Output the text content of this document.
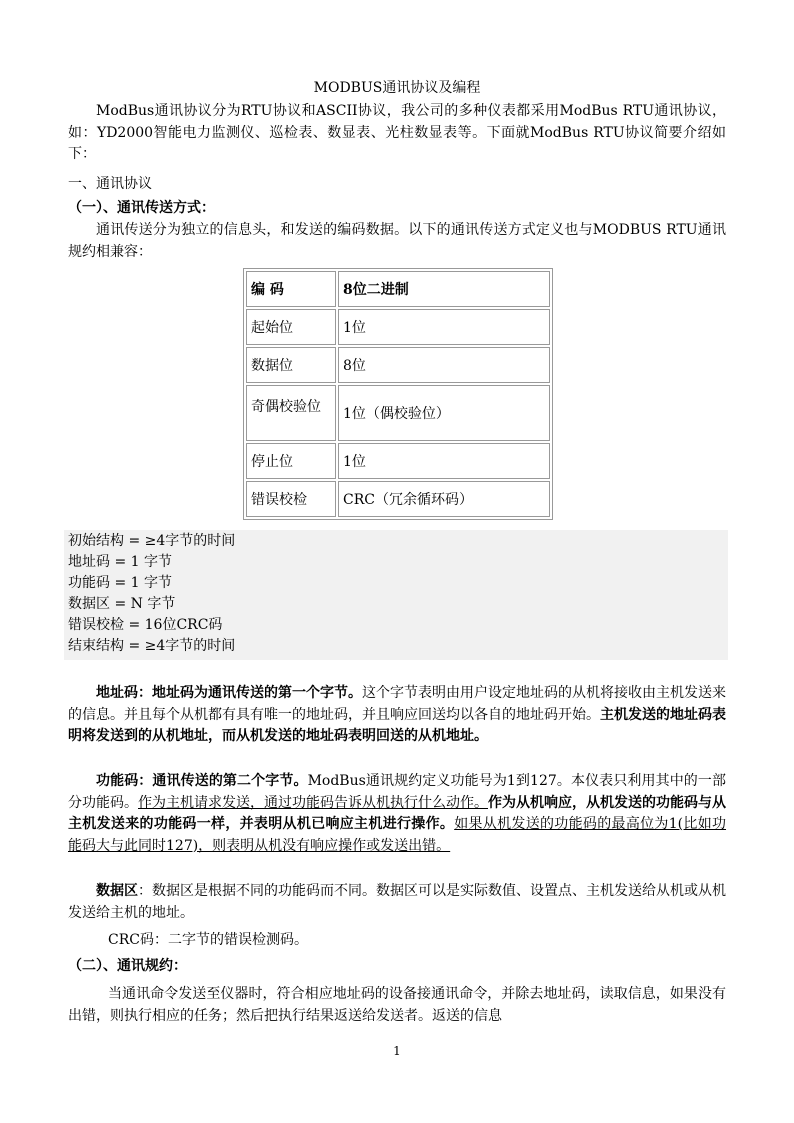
MODBUS通讯协议及编程

ModBus通讯协议分为RTU协议和ASCII协议，我公司的多种仪表都采用ModBus RTU通讯协议，如：YD2000智能电力监测仪、巡检表、数显表、光柱数显表等。下面就ModBus RTU协议简要介绍如下：

一、通讯协议

（一）、通讯传送方式：

通讯传送分为独立的信息头，和发送的编码数据。以下的通讯传送方式定义也与MODBUS RTU通讯规约相兼容：

编 码	8位二进制
起始位	1位
数据位	8位
奇偶校验位	1位（偶校验位）
停止位	1位
错误校检	CRC（冗余循环码）
初始结构 = ≥4字节的时间
地址码 = 1 字节
功能码 = 1 字节
数据区 = N 字节
错误校检 = 16位CRC码
结束结构 = ≥4字节的时间

地址码：地址码为通讯传送的第一个字节。这个字节表明由用户设定地址码的从机将接收由主机发送来的信息。并且每个从机都有具有唯一的地址码，并且响应回送均以各自的地址码开始。主机发送的地址码表明将发送到的从机地址，而从机发送的地址码表明回送的从机地址。

功能码：通讯传送的第二个字节。ModBus通讯规约定义功能号为1到127。本仪表只利用其中的一部分功能码。作为主机请求发送，通过功能码告诉从机执行什么动作。作为从机响应，从机发送的功能码与从主机发送来的功能码一样，并表明从机已响应主机进行操作。如果从机发送的功能码的最高位为1(比如功能码大与此同时127)，则表明从机没有响应操作或发送出错。

数据区：数据区是根据不同的功能码而不同。数据区可以是实际数值、设置点、主机发送给从机或从机发送给主机的地址。

CRC码：二字节的错误检测码。

（二）、通讯规约：

当通讯命令发送至仪器时，符合相应地址码的设备接通讯命令，并除去地址码，读取信息，如果没有出错，则执行相应的任务；然后把执行结果返送给发送者。返送的信息

1
